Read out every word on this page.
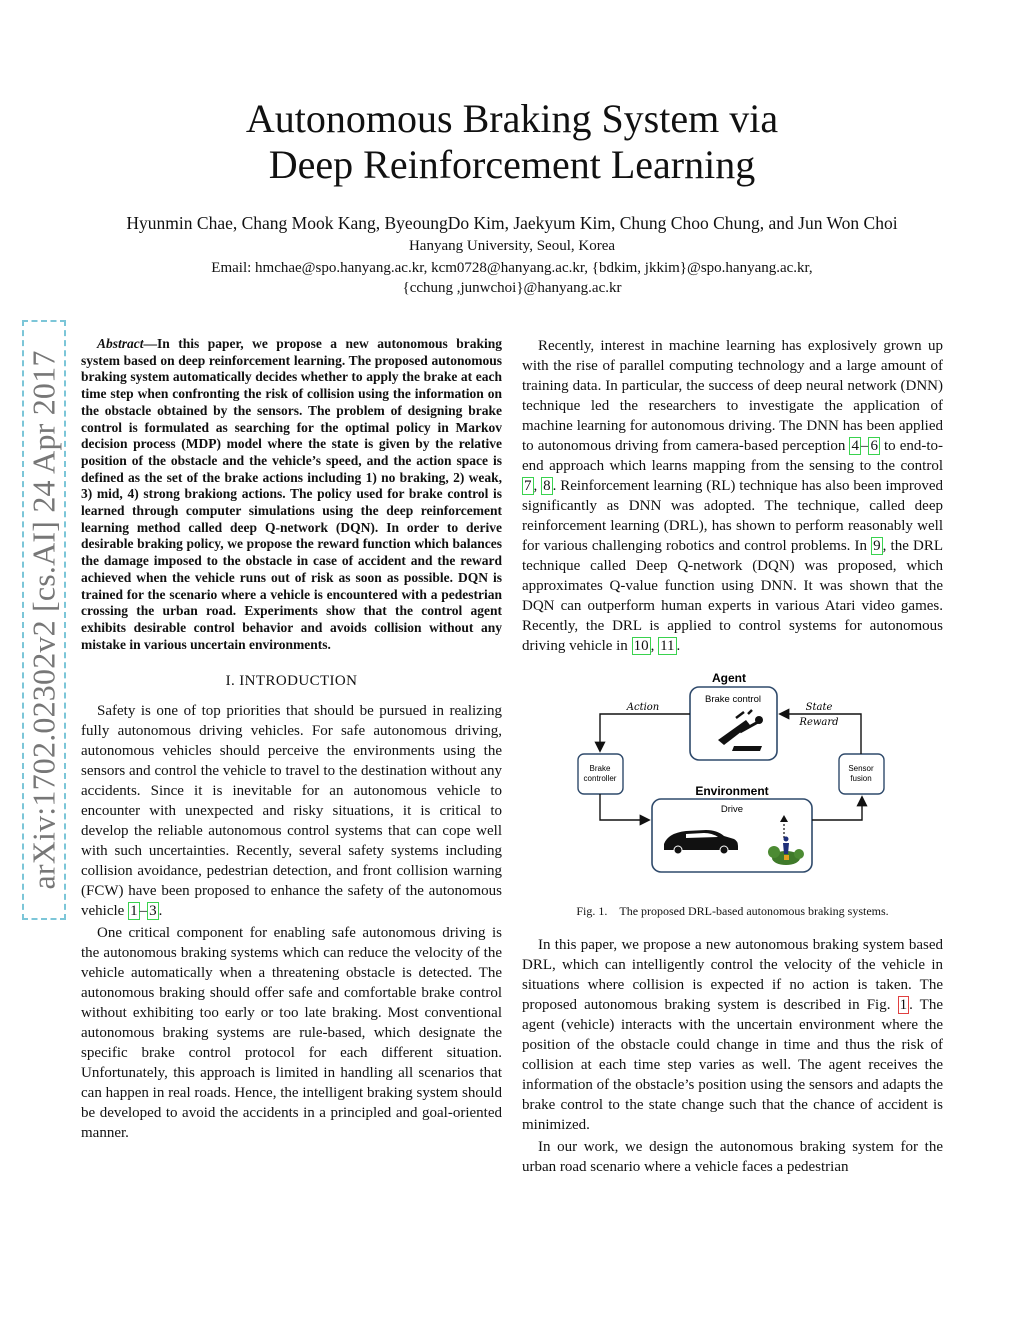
arXiv:1702.02302v2 [cs.AI] 24 Apr 2017
Autonomous Braking System via
Deep Reinforcement Learning
Hyunmin Chae, Chang Mook Kang, ByeoungDo Kim, Jaekyum Kim, Chung Choo Chung, and Jun Won Choi
Hanyang University, Seoul, Korea
Email: hmchae@spo.hanyang.ac.kr, kcm0728@hanyang.ac.kr, {bdkim, jkkim}@spo.hanyang.ac.kr,
{cchung ,junwchoi}@hanyang.ac.kr

Abstract—In this paper, we propose a new autonomous braking system based on deep reinforcement learning. The proposed autonomous braking system automatically decides whether to apply the brake at each time step when confronting the risk of collision using the information on the obstacle obtained by the sensors. The problem of designing brake control is formulated as searching for the optimal policy in Markov decision process (MDP) model where the state is given by the relative position of the obstacle and the vehicle’s speed, and the action space is defined as the set of the brake actions including 1) no braking, 2) weak, 3) mid, 4) strong brakiong actions. The policy used for brake control is learned through computer simulations using the deep reinforcement learning method called deep Q-network (DQN). In order to derive desirable braking policy, we propose the reward function which balances the damage imposed to the obstacle in case of accident and the reward achieved when the vehicle runs out of risk as soon as possible. DQN is trained for the scenario where a vehicle is encountered with a pedestrian crossing the urban road. Experiments show that the control agent exhibits desirable control behavior and avoids collision without any mistake in various uncertain environments.

I. INTRODUCTION

Safety is one of top priorities that should be pursued in realizing fully autonomous driving vehicles. For safe autonomous driving, autonomous vehicles should perceive the environments using the sensors and control the vehicle to travel to the destination without any accidents. Since it is inevitable for an autonomous vehicle to encounter with unexpected and risky situations, it is critical to develop the reliable autonomous control systems that can cope well with such uncertainties. Recently, several safety systems including collision avoidance, pedestrian detection, and front collision warning (FCW) have been proposed to enhance the safety of the autonomous vehicle 1 – 3 .

One critical component for enabling safe autonomous driving is the autonomous braking systems which can reduce the velocity of the vehicle automatically when a threatening obstacle is detected. The autonomous braking should offer safe and comfortable brake control without exhibiting too early or too late braking. Most conventional autonomous braking systems are rule-based, which designate the specific brake control protocol for each different situation. Unfortunately, this approach is limited in handling all scenarios that can happen in real roads. Hence, the intelligent braking system should be developed to avoid the accidents in a principled and goal-oriented manner.

Recently, interest in machine learning has explosively grown up with the rise of parallel computing technology and a large amount of training data. In particular, the success of deep neural network (DNN) technique led the researchers to investigate the application of machine learning for autonomous driving. The DNN has been applied to autonomous driving from camera-based perception 4 – 6 to end-to-end approach which learns mapping from the sensing to the control 7 , 8 . Reinforcement learning (RL) technique has also been improved significantly as DNN was adopted. The technique, called deep reinforcement learning (DRL), has shown to perform reasonably well for various challenging robotics and control problems. In 9 , the DRL technique called Deep Q-network (DQN) was proposed, which approximates Q-value function using DNN. It was shown that the DQN can outperform human experts in various Atari video games. Recently, the DRL is applied to control systems for autonomous driving vehicle in 10 , 11 .

Agent
Brake control
Action
Brake
controller
Environment
Drive
Sensor
fusion
State
Reward
Fig. 1. The proposed DRL-based autonomous braking systems.

In this paper, we propose a new autonomous braking system based DRL, which can intelligently control the velocity of the vehicle in situations where collision is expected if no action is taken. The proposed autonomous braking system is described in Fig. 1 . The agent (vehicle) interacts with the uncertain environment where the position of the obstacle could change in time and thus the risk of collision at each time step varies as well. The agent receives the information of the obstacle’s position using the sensors and adapts the brake control to the state change such that the chance of accident is minimized.

In our work, we design the autonomous braking system for the urban road scenario where a vehicle faces a pedestrian
